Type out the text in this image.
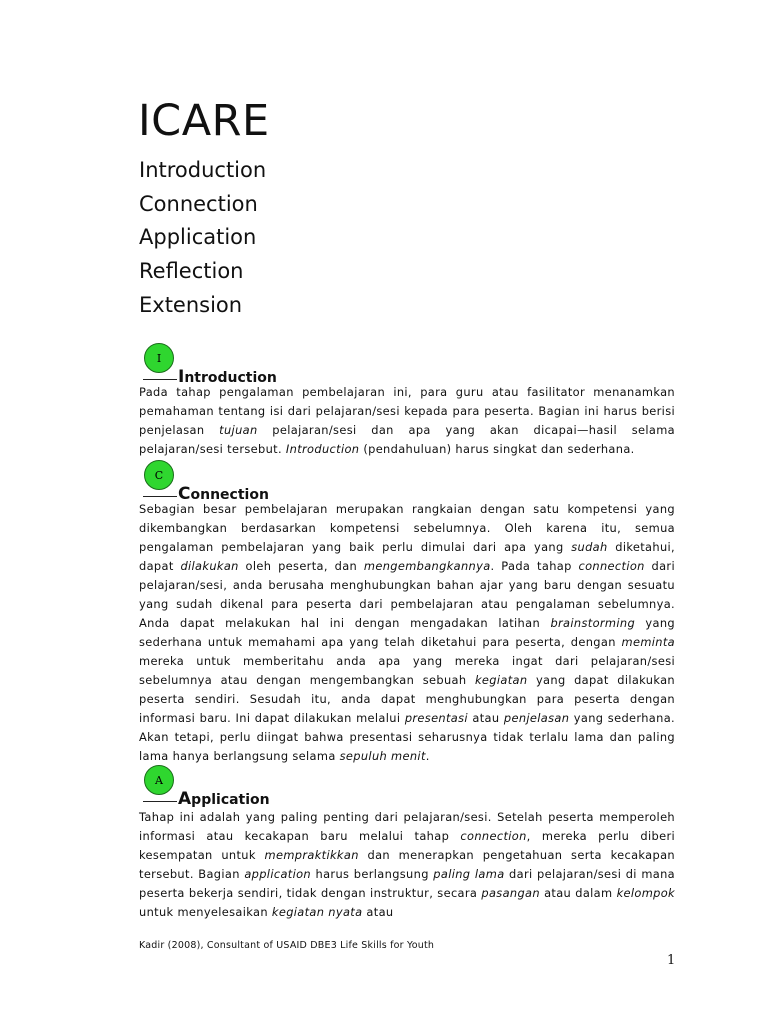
ICARE
Introduction
Connection
Application
Reflection
Extension
I
Introduction

Pada tahap pengalaman pembelajaran ini, para guru atau fasilitator menanamkan pemahaman tentang isi dari pelajaran/sesi kepada para peserta. Bagian ini harus berisi penjelasan tujuan pelajaran/sesi dan apa yang akan dicapai—hasil selama pelajaran/sesi tersebut. Introduction (pendahuluan) harus singkat dan sederhana.

C
Connection

Sebagian besar pembelajaran merupakan rangkaian dengan satu kompetensi yang dikembangkan berdasarkan kompetensi sebelumnya. Oleh karena itu, semua pengalaman pembelajaran yang baik perlu dimulai dari apa yang sudah diketahui, dapat dilakukan oleh peserta, dan mengembangkannya. Pada tahap connection dari pelajaran/sesi, anda berusaha menghubungkan bahan ajar yang baru dengan sesuatu yang sudah dikenal para peserta dari pembelajaran atau pengalaman sebelumnya. Anda dapat melakukan hal ini dengan mengadakan latihan brainstorming yang sederhana untuk memahami apa yang telah diketahui para peserta, dengan meminta mereka untuk memberitahu anda apa yang mereka ingat dari pelajaran/sesi sebelumnya atau dengan mengembangkan sebuah kegiatan yang dapat dilakukan peserta sendiri. Sesudah itu, anda dapat menghubungkan para peserta dengan informasi baru. Ini dapat dilakukan melalui presentasi atau penjelasan yang sederhana. Akan tetapi, perlu diingat bahwa presentasi seharusnya tidak terlalu lama dan paling lama hanya berlangsung selama sepuluh menit.

A
Application

Tahap ini adalah yang paling penting dari pelajaran/sesi. Setelah peserta memperoleh informasi atau kecakapan baru melalui tahap connection, mereka perlu diberi kesempatan untuk mempraktikkan dan menerapkan pengetahuan serta kecakapan tersebut. Bagian application harus berlangsung paling lama dari pelajaran/sesi di mana peserta bekerja sendiri, tidak dengan instruktur, secara pasangan atau dalam kelompok untuk menyelesaikan kegiatan nyata atau

Kadir (2008), Consultant of USAID DBE3 Life Skills for Youth
1
